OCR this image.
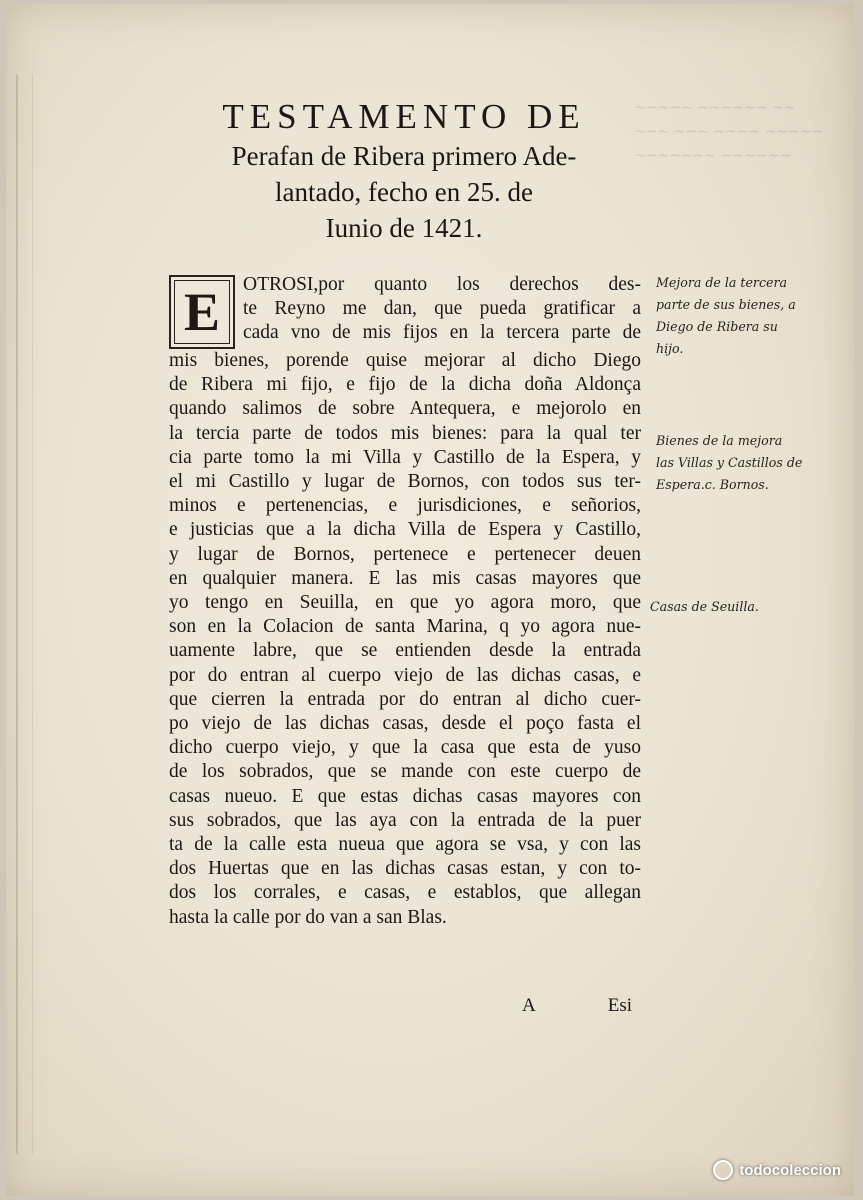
~~~~~ ~~~~~~ ~~
~~~ ~~~ ~~~~ ~~~~~
~~~~~~~ ~~~~~~
TESTAMENTO DE
Perafan de Ribera primero Ade-
lantado, fecho en 25. de
Iunio de 1421.
E	OTROSI,por quanto los derechos des-
te Reyno me dan, que pueda gratificar a
cada vno de mis fijos en la tercera parte de
mis bienes, porende quise mejorar al dicho Diego
de Ribera mi fijo, e fijo de la dicha doña Aldonça
quando salimos de sobre Antequera, e mejorolo en
la tercia parte de todos mis bienes: para la qual ter
cia parte tomo la mi Villa y Castillo de la Espera, y
el mi Castillo y lugar de Bornos, con todos sus ter-
minos e pertenencias, e jurisdiciones, e señorios,
e justicias que a la dicha Villa de Espera y Castillo,
y lugar de Bornos, pertenece e pertenecer deuen
en qualquier manera. E las mis casas mayores que
yo tengo en Seuilla, en que yo agora moro, que
son en la Colacion de santa Marina, q yo agora nue-
uamente labre, que se entienden desde la entrada
por do entran al cuerpo viejo de las dichas casas, e
que cierren la entrada por do entran al dicho cuer-
po viejo de las dichas casas, desde el poço fasta el
dicho cuerpo viejo, y que la casa que esta de yuso
de los sobrados, que se mande con este cuerpo de
casas nueuo. E que estas dichas casas mayores con
sus sobrados, que las aya con la entrada de la puer
ta de la calle esta nueua que agora se vsa, y con las
dos Huertas que en las dichas casas estan, y con to-
dos los corrales, e casas, e establos, que allegan
hasta la calle por do van a san Blas.
A	Esi
Mejora de la tercera
parte de sus bienes, a
Diego de Ribera su
hijo.
Bienes de la mejora
las Villas y Castillos de
Espera.c. Bornos.
Casas de Seuilla.
todocoleccion
